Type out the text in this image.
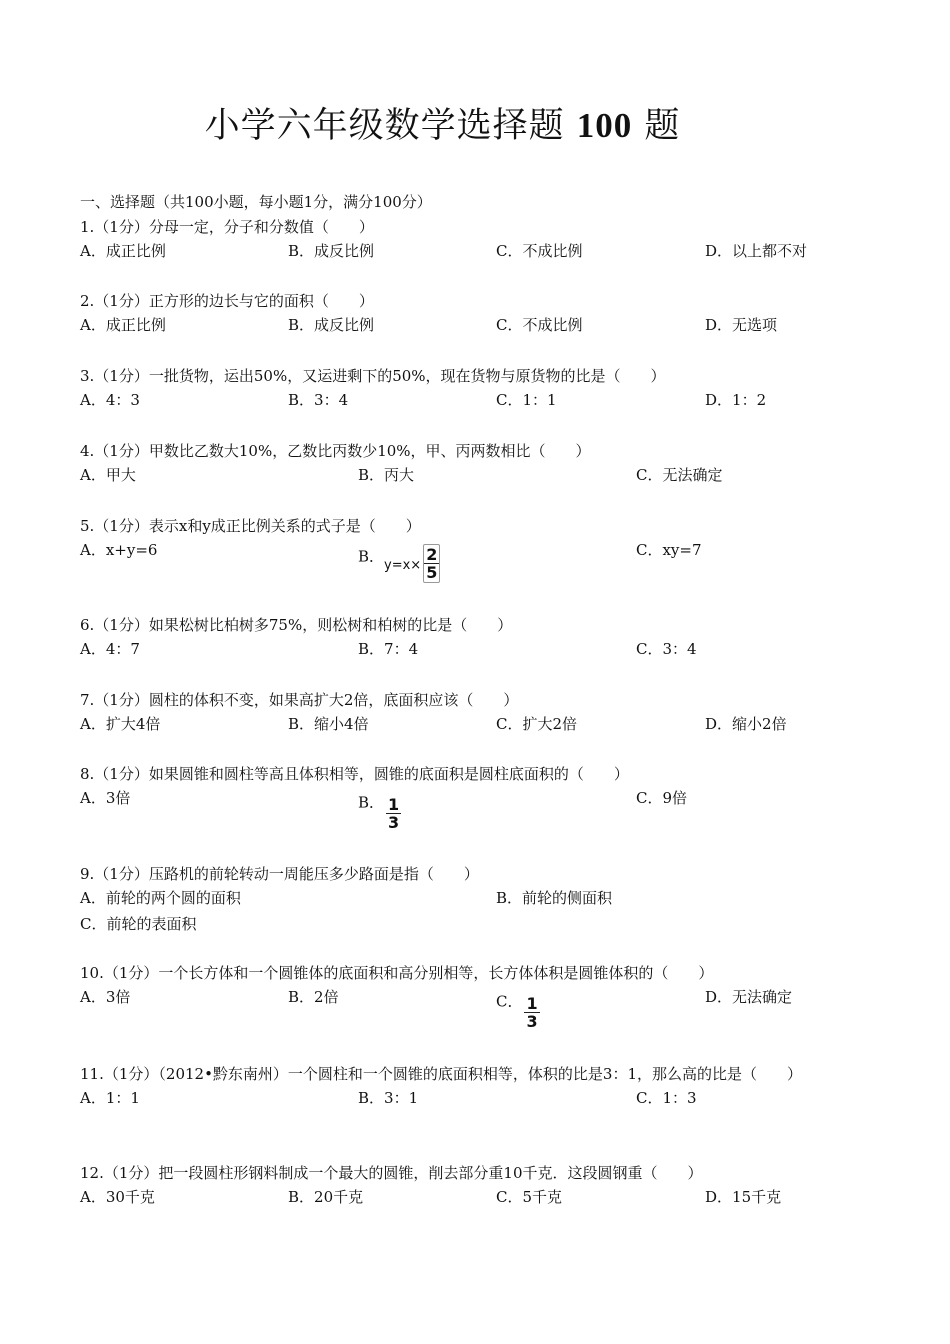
小学六年级数学选择题 100 题
一、选择题（共100小题，每小题1分，满分100分）
1.（1分）分母一定，分子和分数值（　　）
A．成正比例	B．成反比例	C．不成比例	D．以上都不对
2.（1分）正方形的边长与它的面积（　　）
A．成正比例	B．成反比例	C．不成比例	D．无选项
3.（1分）一批货物，运出50%，又运进剩下的50%，现在货物与原货物的比是（　　）
A．4：3	B．3：4	C．1：1	D．1：2
4.（1分）甲数比乙数大10%，乙数比丙数少10%，甲、丙两数相比（　　）
A．甲大	B．丙大	C．无法确定
5.（1分）表示x和y成正比例关系的式子是（　　）
A．x+y=6	B．$y=x\times \frac{2}{5}$	C．xy=7
6.（1分）如果松树比柏树多75%，则松树和柏树的比是（　　）
A．4：7	B．7：4	C．3：4
7.（1分）圆柱的体积不变，如果高扩大2倍，底面积应该（　　）
A．扩大4倍	B．缩小4倍	C．扩大2倍	D．缩小2倍
8.（1分）如果圆锥和圆柱等高且体积相等，圆锥的底面积是圆柱底面积的（　　）
A．3倍	B． $\frac{1}{3}$	C．9倍
9.（1分）压路机的前轮转动一周能压多少路面是指（　　）
A．前轮的两个圆的面积	B．前轮的侧面积
C．前轮的表面积
10.（1分）一个长方体和一个圆锥体的底面积和高分别相等，长方体体积是圆锥体积的（　　）
A．3倍	B．2倍	C． $\frac{1}{3}$	D．无法确定
11.（1分）（2012•黔东南州）一个圆柱和一个圆锥的底面积相等，体积的比是3：1，那么高的比是（　　）
A．1：1	B．3：1	C．1：3
12.（1分）把一段圆柱形钢料制成一个最大的圆锥，削去部分重10千克．这段圆钢重（　　）
A．30千克	B．20千克	C．5千克	D．15千克
